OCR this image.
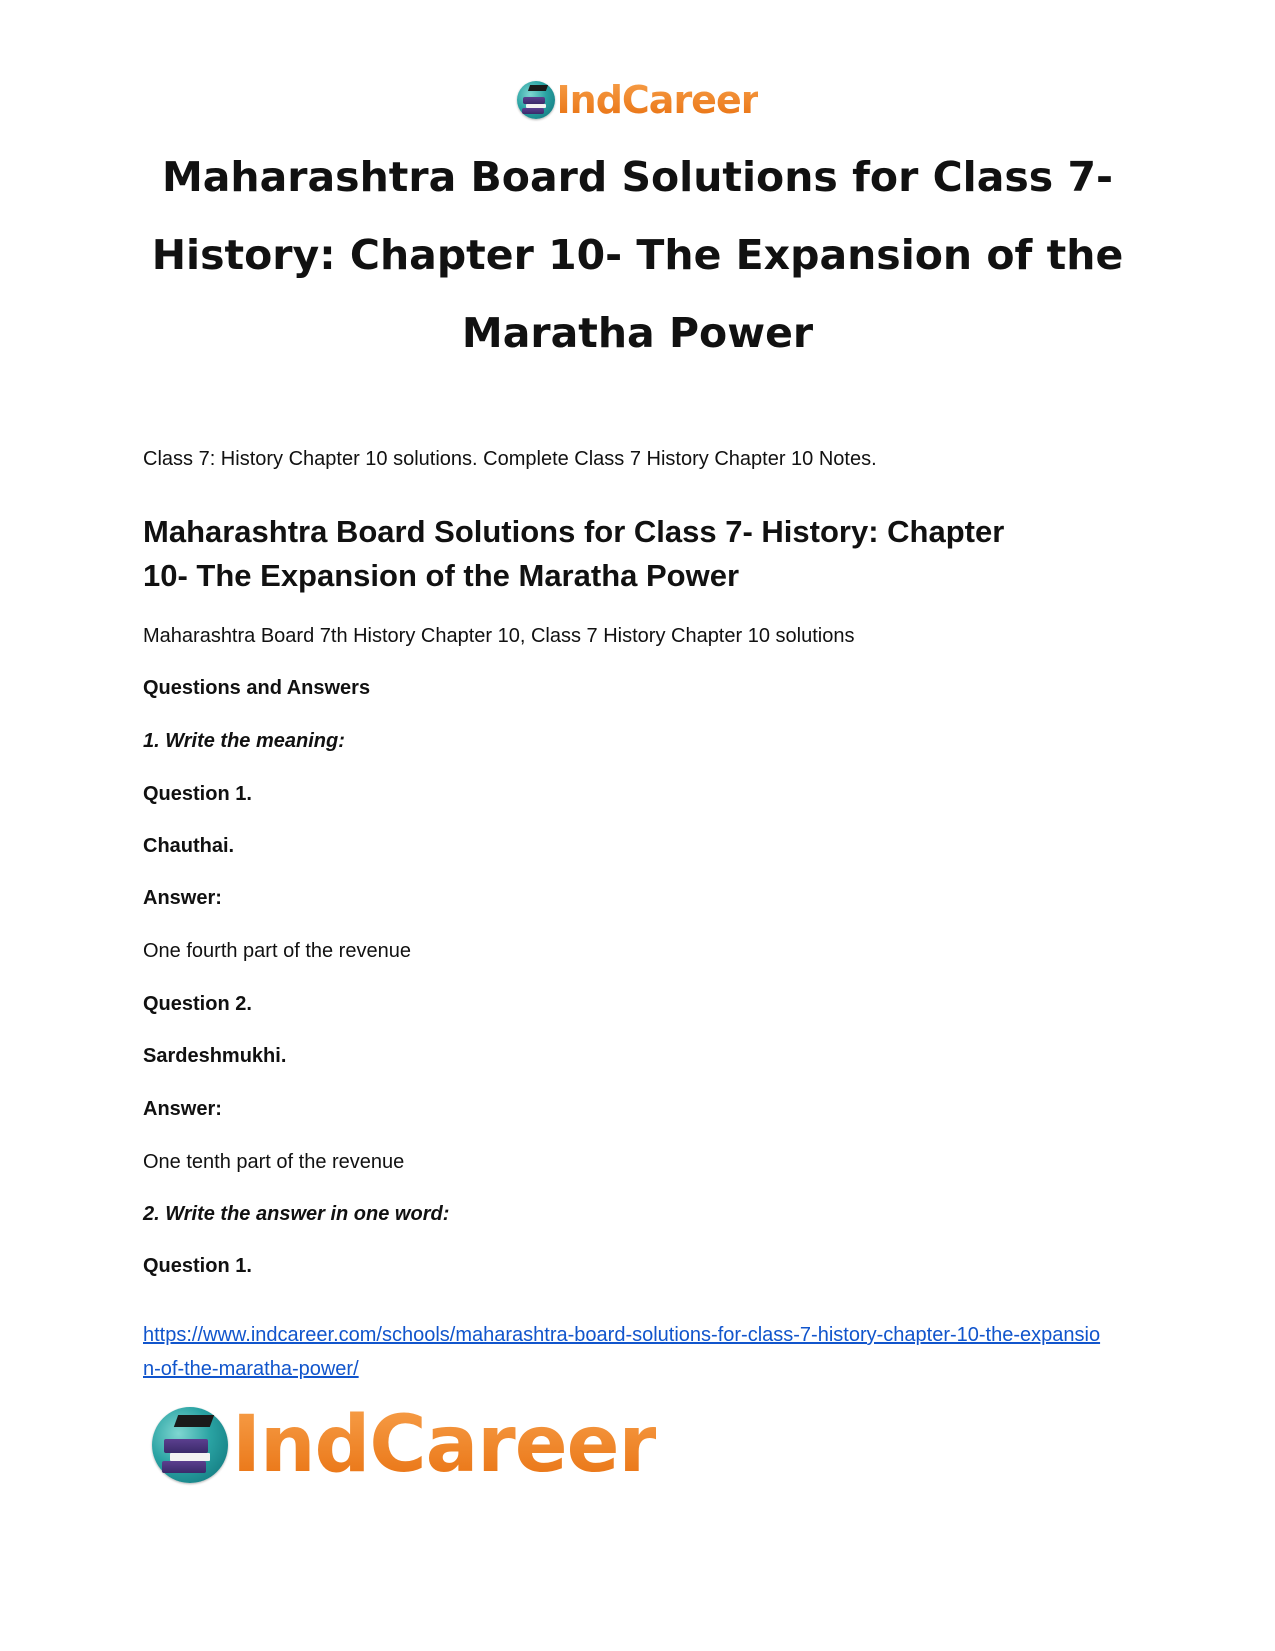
IndCareer
Maharashtra Board Solutions for Class 7- History: Chapter 10- The Expansion of the Maratha Power
Class 7: History Chapter 10 solutions. Complete Class 7 History Chapter 10 Notes.
Maharashtra Board Solutions for Class 7- History: Chapter 10- The Expansion of the Maratha Power
Maharashtra Board 7th History Chapter 10, Class 7 History Chapter 10 solutions
Questions and Answers
1. Write the meaning:
Question 1.
Chauthai.
Answer:
One fourth part of the revenue
Question 2.
Sardeshmukhi.
Answer:
One tenth part of the revenue
2. Write the answer in one word:
Question 1.
https://www.indcareer.com/schools/maharashtra-board-solutions-for-class-7-history-chapter-10-the-expansion-of-the-maratha-power/
IndCareer
